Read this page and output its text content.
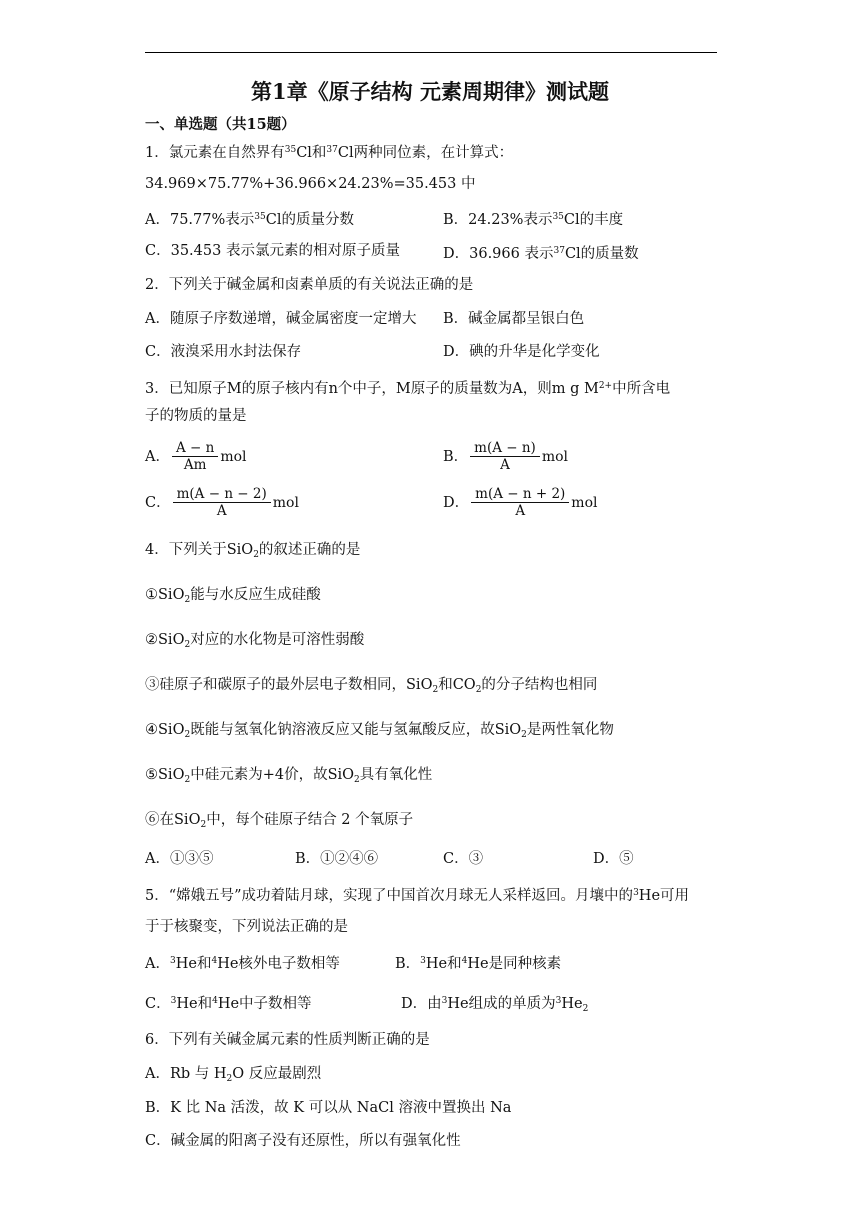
第1章《原子结构 元素周期律》测试题
一、单选题（共15题）
1．氯元素在自然界有$^{35}$Cl和$^{37}$Cl两种同位素，在计算式：
34.969×75.77%+36.966×24.23%=35.453 中
A．75.77%表示$^{35}$Cl的质量分数	B．24.23%表示$^{35}$Cl的丰度
C．35.453 表示氯元素的相对原子质量	D．36.966 表示$^{37}$Cl的质量数
2．下列关于碱金属和卤素单质的有关说法正确的是
A．随原子序数递增，碱金属密度一定增大 B．碱金属都呈银白色
C．液溴采用水封法保存	D．碘的升华是化学变化
3．已知原子M的原子核内有n个中子，M原子的质量数为A，则m g $M^{2+}$中所含电
子的物质的量是
A． $\frac{A - n}{Am}$ mol	B． $\frac{m(A - n)}{A}$ mol
C． $\frac{m(A - n - 2)}{A}$ mol	D． $\frac{m(A - n + 2)}{A}$ mol
4．下列关于SiO$_2$的叙述正确的是
①SiO$_2$能与水反应生成硅酸
②SiO$_2$对应的水化物是可溶性弱酸
③硅原子和碳原子的最外层电子数相同，SiO$_2$和$CO_2$的分子结构也相同
④SiO$_2$既能与氢氧化钠溶液反应又能与氢氟酸反应，故SiO$_2$是两性氧化物
⑤SiO$_2$中硅元素为+4价，故SiO$_2$具有氧化性
⑥在SiO$_2$中，每个硅原子结合 2 个氧原子
A．①③⑤	B．①②④⑥	C．③	D．⑤
5．“嫦娥五号”成功着陆月球，实现了中国首次月球无人采样返回。月壤中的$^3$He可用
于于核聚变，下列说法正确的是
A．$^3$He和$^4$He核外电子数相等	B．$^3$He和$^4$He是同种核素
C．$^3$He和$^4$He中子数相等	D．由$^3$He组成的单质为$^3He_2$
6．下列有关碱金属元素的性质判断正确的是
A．Rb 与 $H_2O$ 反应最剧烈
B．K 比 Na 活泼，故 K 可以从 NaCl 溶液中置换出 Na
C．碱金属的阳离子没有还原性，所以有强氧化性
